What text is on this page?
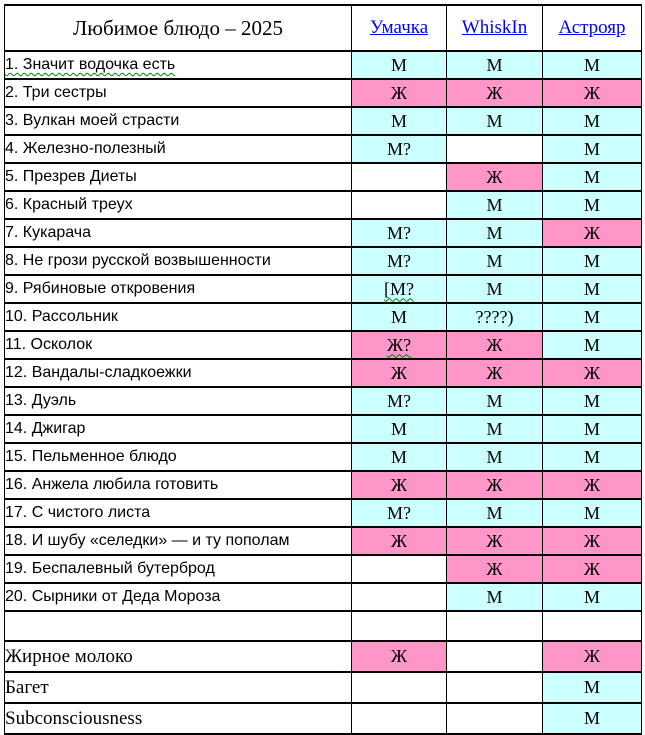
Любимое блюдо – 2025	Умачка	WhiskIn	Астрояр
1. Значит водочка есть	М	М	М
2. Три сестры	Ж	Ж	Ж
3. Вулкан моей страсти	М	М	М
4. Железно-полезный	М?		М
5. Презрев Диеты		Ж	М
6. Красный треух		М	М
7. Кукарача	М?	М	Ж
8. Не грози русской возвышенности	М?	М	М
9. Рябиновые откровения	[М?	М	М
10. Рассольник	М	????)	М
11. Осколок	Ж?	Ж	М
12. Вандалы-сладкоежки	Ж	Ж	Ж
13. Дуэль	М?	М	М
14. Джигар	М	М	М
15. Пельменное блюдо	М	М	М
16. Анжела любила готовить	Ж	Ж	Ж
17. С чистого листа	М?	М	М
18. И шубу «селедки» — и ту пополам	Ж	Ж	Ж
19. Беспалевный бутерброд		Ж	Ж
20. Сырники от Деда Мороза		М	М

Жирное молоко	Ж		Ж
Багет			М
Subconsciousness			М
